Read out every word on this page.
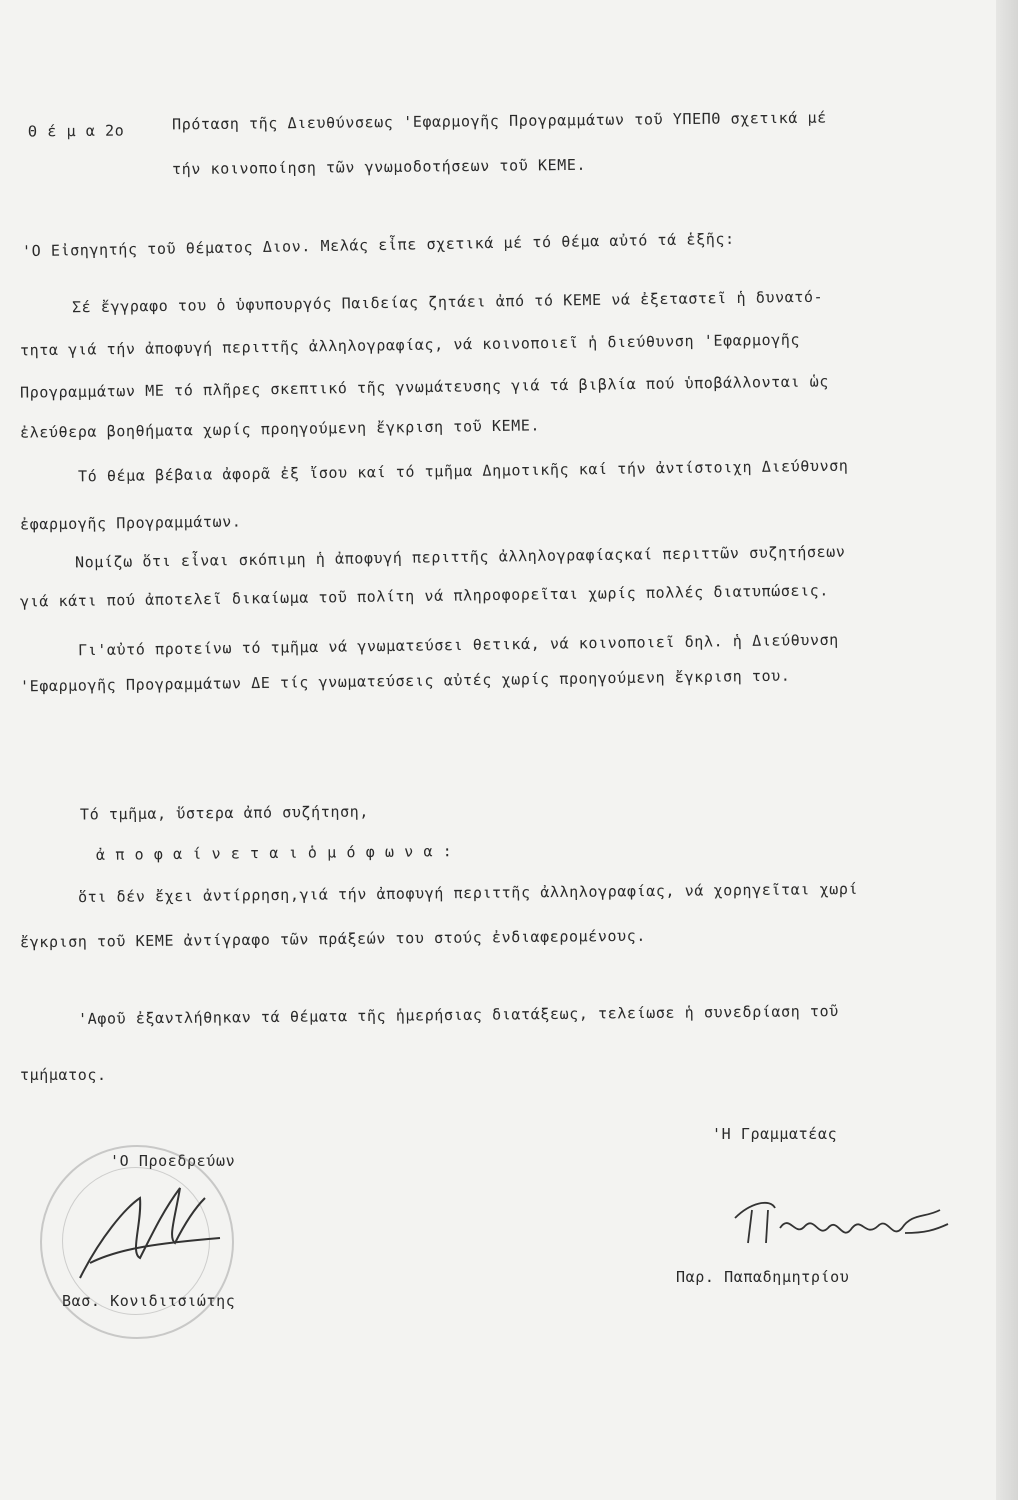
Θ έ μ α 2ο	Πρόταση τῆς Διευθύνσεως 'Εφαρμογῆς Προγραμμάτων τοῦ ΥΠΕΠΘ σχετικά μέ
τήν κοινοποίηση τῶν γνωμοδοτήσεων τοῦ ΚΕΜΕ.
'Ο Εἰσηγητής τοῦ θέματος Διον. Μελάς εἶπε σχετικά μέ τό θέμα αὐτό τά ἑξῆς:
Σέ ἔγγραφο του ὁ ὑφυπουργός Παιδείας ζητάει ἀπό τό ΚΕΜΕ νά ἐξεταστεῖ ἡ δυνατό-
τητα γιά τήν ἀποφυγή περιττῆς ἀλληλογραφίας, νά κοινοποιεῖ ἡ διεύθυνση 'Εφαρμογῆς
Προγραμμάτων ΜΕ τό πλῆρες σκεπτικό τῆς γνωμάτευσης γιά τά βιβλία πού ὑποβάλλονται ὡς
ἐλεύθερα βοηθήματα χωρίς προηγούμενη ἔγκριση τοῦ ΚΕΜΕ.
Τό θέμα βέβαια ἀφορᾶ ἐξ ἴσου καί τό τμῆμα Δημοτικῆς καί τήν ἀντίστοιχη Διεύθυνση
ἐφαρμογῆς Προγραμμάτων.
Νομίζω ὅτι εἶναι σκόπιμη ἡ ἀποφυγή περιττῆς ἀλληλογραφίαςκαί περιττῶν συζητήσεων
γιά κάτι πού ἀποτελεῖ δικαίωμα τοῦ πολίτη νά πληροφορεῖται χωρίς πολλές διατυπώσεις.
Γι'αὐτό προτείνω τό τμῆμα νά γνωματεύσει θετικά, νά κοινοποιεῖ δηλ. ἡ Διεύθυνση
'Εφαρμογῆς Προγραμμάτων ΔΕ τίς γνωματεύσεις αὐτές χωρίς προηγούμενη ἔγκριση του.
Τό τμῆμα, ὕστερα ἀπό συζήτηση,
ἀ π ο φ α ί ν ε τ α ι ὁ μ ό φ ω ν α :
ὅτι δέν ἔχει ἀντίρρηση,γιά τήν ἀποφυγή περιττῆς ἀλληλογραφίας, νά χορηγεῖται χωρί
ἔγκριση τοῦ ΚΕΜΕ ἀντίγραφο τῶν πράξεών του στούς ἐνδιαφερομένους.
'Αφοῦ ἐξαντλήθηκαν τά θέματα τῆς ἡμερήσιας διατάξεως, τελείωσε ἡ συνεδρίαση τοῦ
τμήματος.
'Η Γραμματέας
'Ο Προεδρεύων
Παρ. Παπαδημητρίου
Βασ. Κονιδιτσιώτης
